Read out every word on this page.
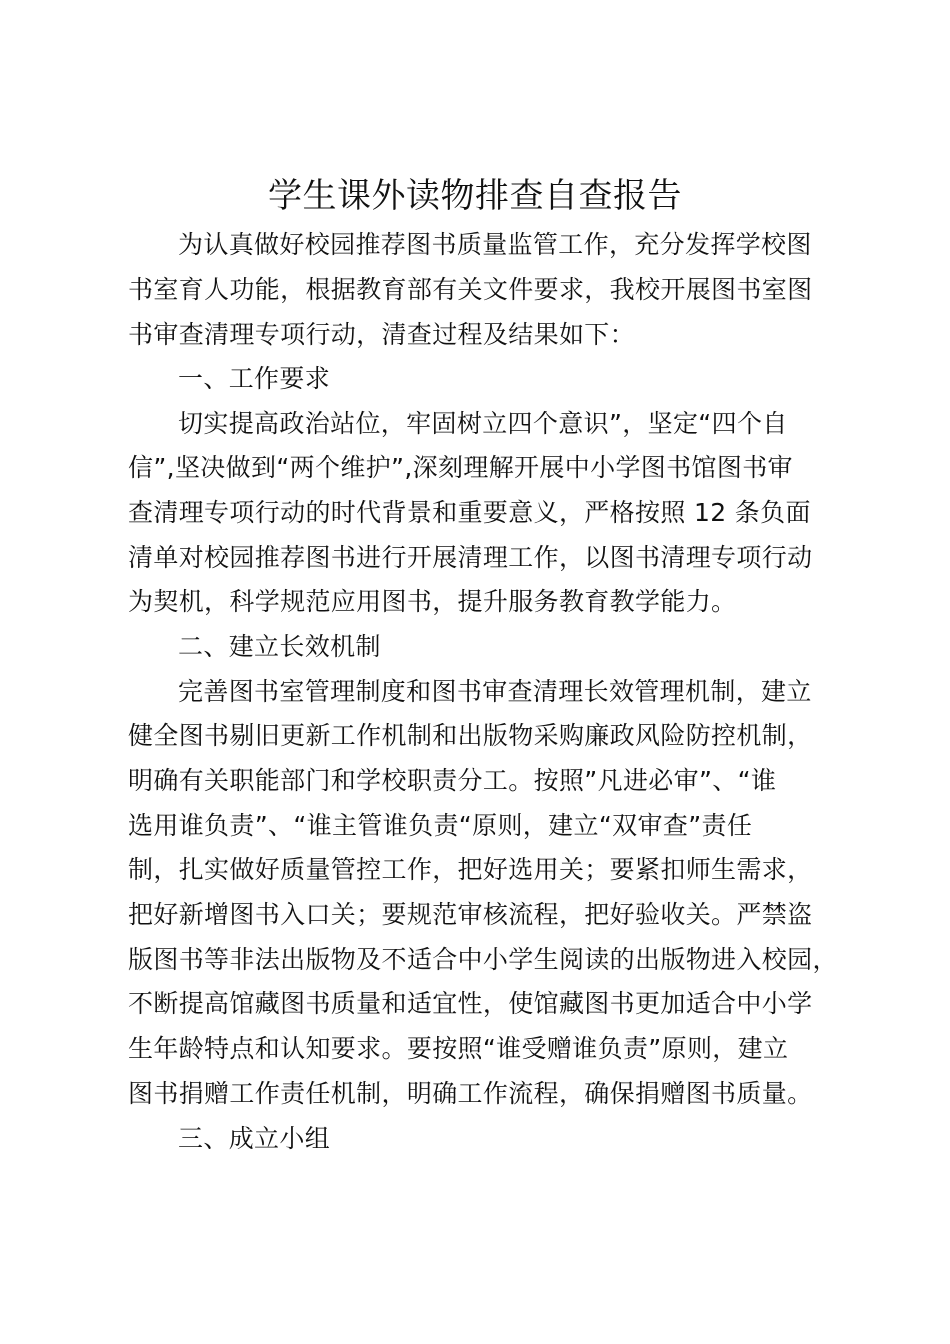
学生课外读物排查自查报告
为认真做好校园推荐图书质量监管工作，充分发挥学校图
书室育人功能，根据教育部有关文件要求，我校开展图书室图
书审查清理专项行动，清查过程及结果如下：
一、工作要求
切实提高政治站位，牢固树立四个意识”，坚定“四个自
信”,坚决做到“两个维护”,深刻理解开展中小学图书馆图书审
查清理专项行动的时代背景和重要意义，严格按照 12 条负面
清单对校园推荐图书进行开展清理工作，以图书清理专项行动
为契机，科学规范应用图书，提升服务教育教学能力。
二、建立长效机制
完善图书室管理制度和图书审查清理长效管理机制，建立
健全图书剔旧更新工作机制和出版物采购廉政风险防控机制，
明确有关职能部门和学校职责分工。按照”凡进必审”、“谁
选用谁负责”、“谁主管谁负责“原则，建立“双审查”责任
制，扎实做好质量管控工作，把好选用关；要紧扣师生需求，
把好新增图书入口关；要规范审核流程，把好验收关。严禁盗
版图书等非法出版物及不适合中小学生阅读的出版物进入校园，
不断提高馆藏图书质量和适宜性，使馆藏图书更加适合中小学
生年龄特点和认知要求。要按照“谁受赠谁负责”原则，建立
图书捐赠工作责任机制，明确工作流程，确保捐赠图书质量。
三、成立小组
